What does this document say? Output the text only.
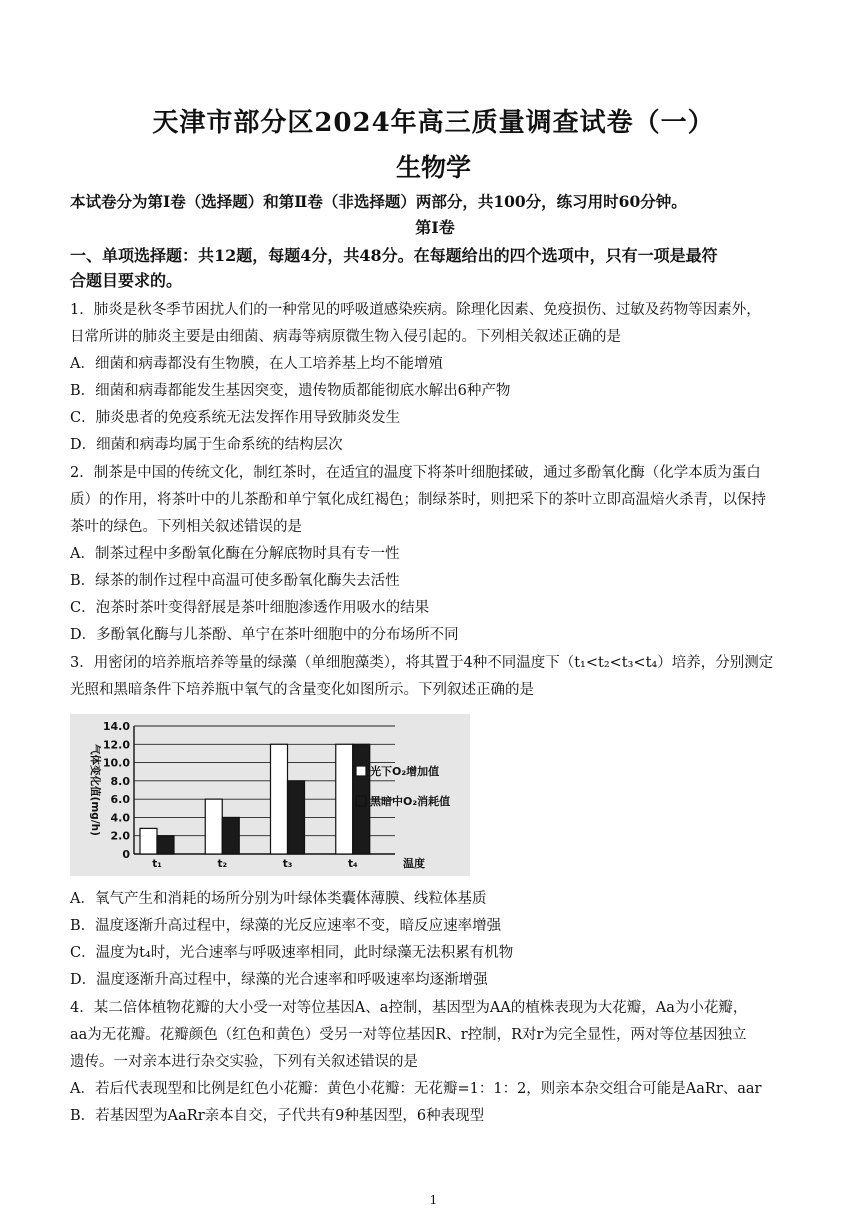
天津市部分区2024年高三质量调查试卷（一）
生物学
本试卷分为第Ⅰ卷（选择题）和第Ⅱ卷（非选择题）两部分，共100分，练习用时60分钟。
第Ⅰ卷
一、单项选择题：共12题，每题4分，共48分。在每题给出的四个选项中，只有一项是最符
合题目要求的。
1．肺炎是秋冬季节困扰人们的一种常见的呼吸道感染疾病。除理化因素、免疫损伤、过敏及药物等因素外，
日常所讲的肺炎主要是由细菌、病毒等病原微生物入侵引起的。下列相关叙述正确的是
A．细菌和病毒都没有生物膜，在人工培养基上均不能增殖
B．细菌和病毒都能发生基因突变，遗传物质都能彻底水解出6种产物
C．肺炎患者的免疫系统无法发挥作用导致肺炎发生
D．细菌和病毒均属于生命系统的结构层次
2．制茶是中国的传统文化，制红茶时，在适宜的温度下将茶叶细胞揉破，通过多酚氧化酶（化学本质为蛋白
质）的作用，将茶叶中的儿茶酚和单宁氧化成红褐色；制绿茶时，则把采下的茶叶立即高温焙火杀青，以保持
茶叶的绿色。下列相关叙述错误的是
A．制茶过程中多酚氧化酶在分解底物时具有专一性
B．绿茶的制作过程中高温可使多酚氧化酶失去活性
C．泡茶时茶叶变得舒展是茶叶细胞渗透作用吸水的结果
D．多酚氧化酶与儿茶酚、单宁在茶叶细胞中的分布场所不同
3．用密闭的培养瓶培养等量的绿藻（单细胞藻类），将其置于4种不同温度下（t₁<t₂<t₃<t₄）培养，分别测定
光照和黑暗条件下培养瓶中氧气的含量变化如图所示。下列叙述正确的是
0
2.0
4.0
6.0
8.0
10.0
12.0
14.0
气体变化值(mg/h)
t₁	t₂	t₃	t₄	温度
光下O₂增加值
黑暗中O₂消耗值
A．氧气产生和消耗的场所分别为叶绿体类囊体薄膜、线粒体基质
B．温度逐渐升高过程中，绿藻的光反应速率不变，暗反应速率增强
C．温度为t₄时，光合速率与呼吸速率相同，此时绿藻无法积累有机物
D．温度逐渐升高过程中，绿藻的光合速率和呼吸速率均逐渐增强
4．某二倍体植物花瓣的大小受一对等位基因A、a控制，基因型为AA的植株表现为大花瓣，Aa为小花瓣，
aa为无花瓣。花瓣颜色（红色和黄色）受另一对等位基因R、r控制，R对r为完全显性，两对等位基因独立
遗传。一对亲本进行杂交实验，下列有关叙述错误的是
A．若后代表现型和比例是红色小花瓣：黄色小花瓣：无花瓣=1：1：2，则亲本杂交组合可能是AaRr、aar
B．若基因型为AaRr亲本自交，子代共有9种基因型，6种表现型
1
